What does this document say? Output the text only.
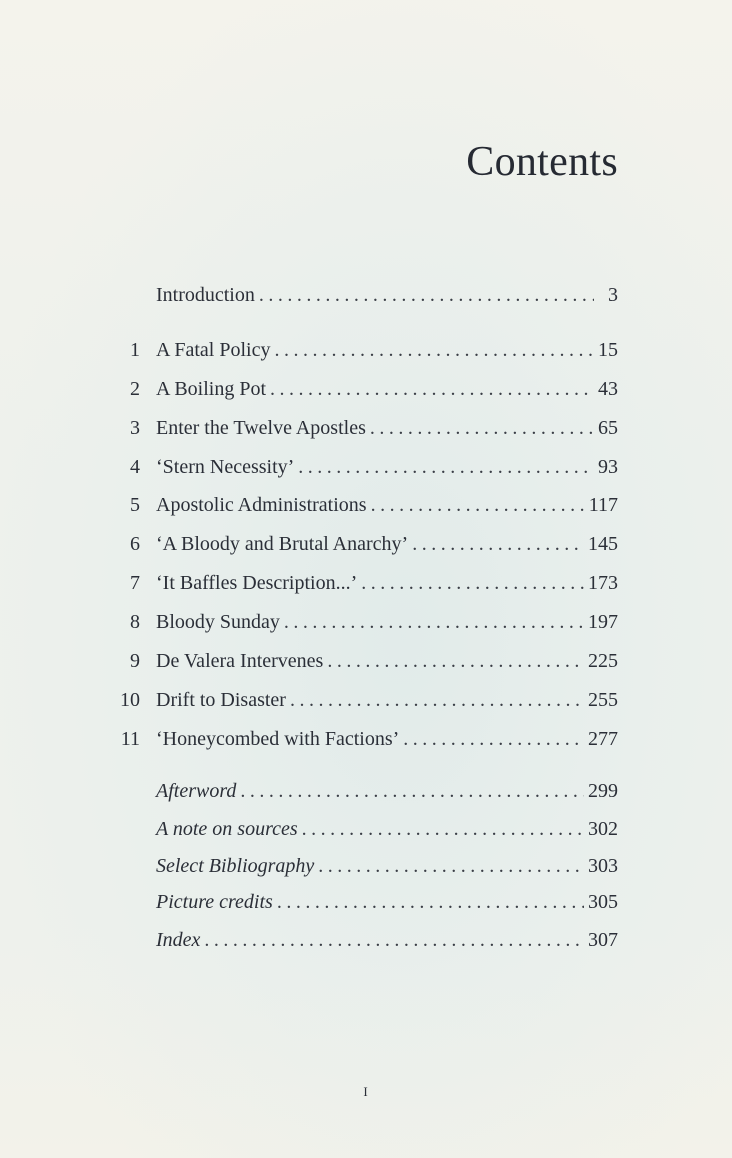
Contents
Introduction . . .	3
1 A Fatal Policy . . .	15
2 A Boiling Pot . . .	43
3 Enter the Twelve Apostles . . .	65
4 ‘Stern Necessity’ . . .	93
5 Apostolic Administrations . . .	117
6 ‘A Bloody and Brutal Anarchy’ . . .	145
7 ‘It Baffles Description...’ . . .	173
8 Bloody Sunday . . .	197
9 De Valera Intervenes . . .	225
10 Drift to Disaster . . .	255
11 ‘Honeycombed with Factions’ . . .	277
Afterword . . .	299
A note on sources . . .	302
Select Bibliography . . .	303
Picture credits . . .	305
Index . . .	307
I
